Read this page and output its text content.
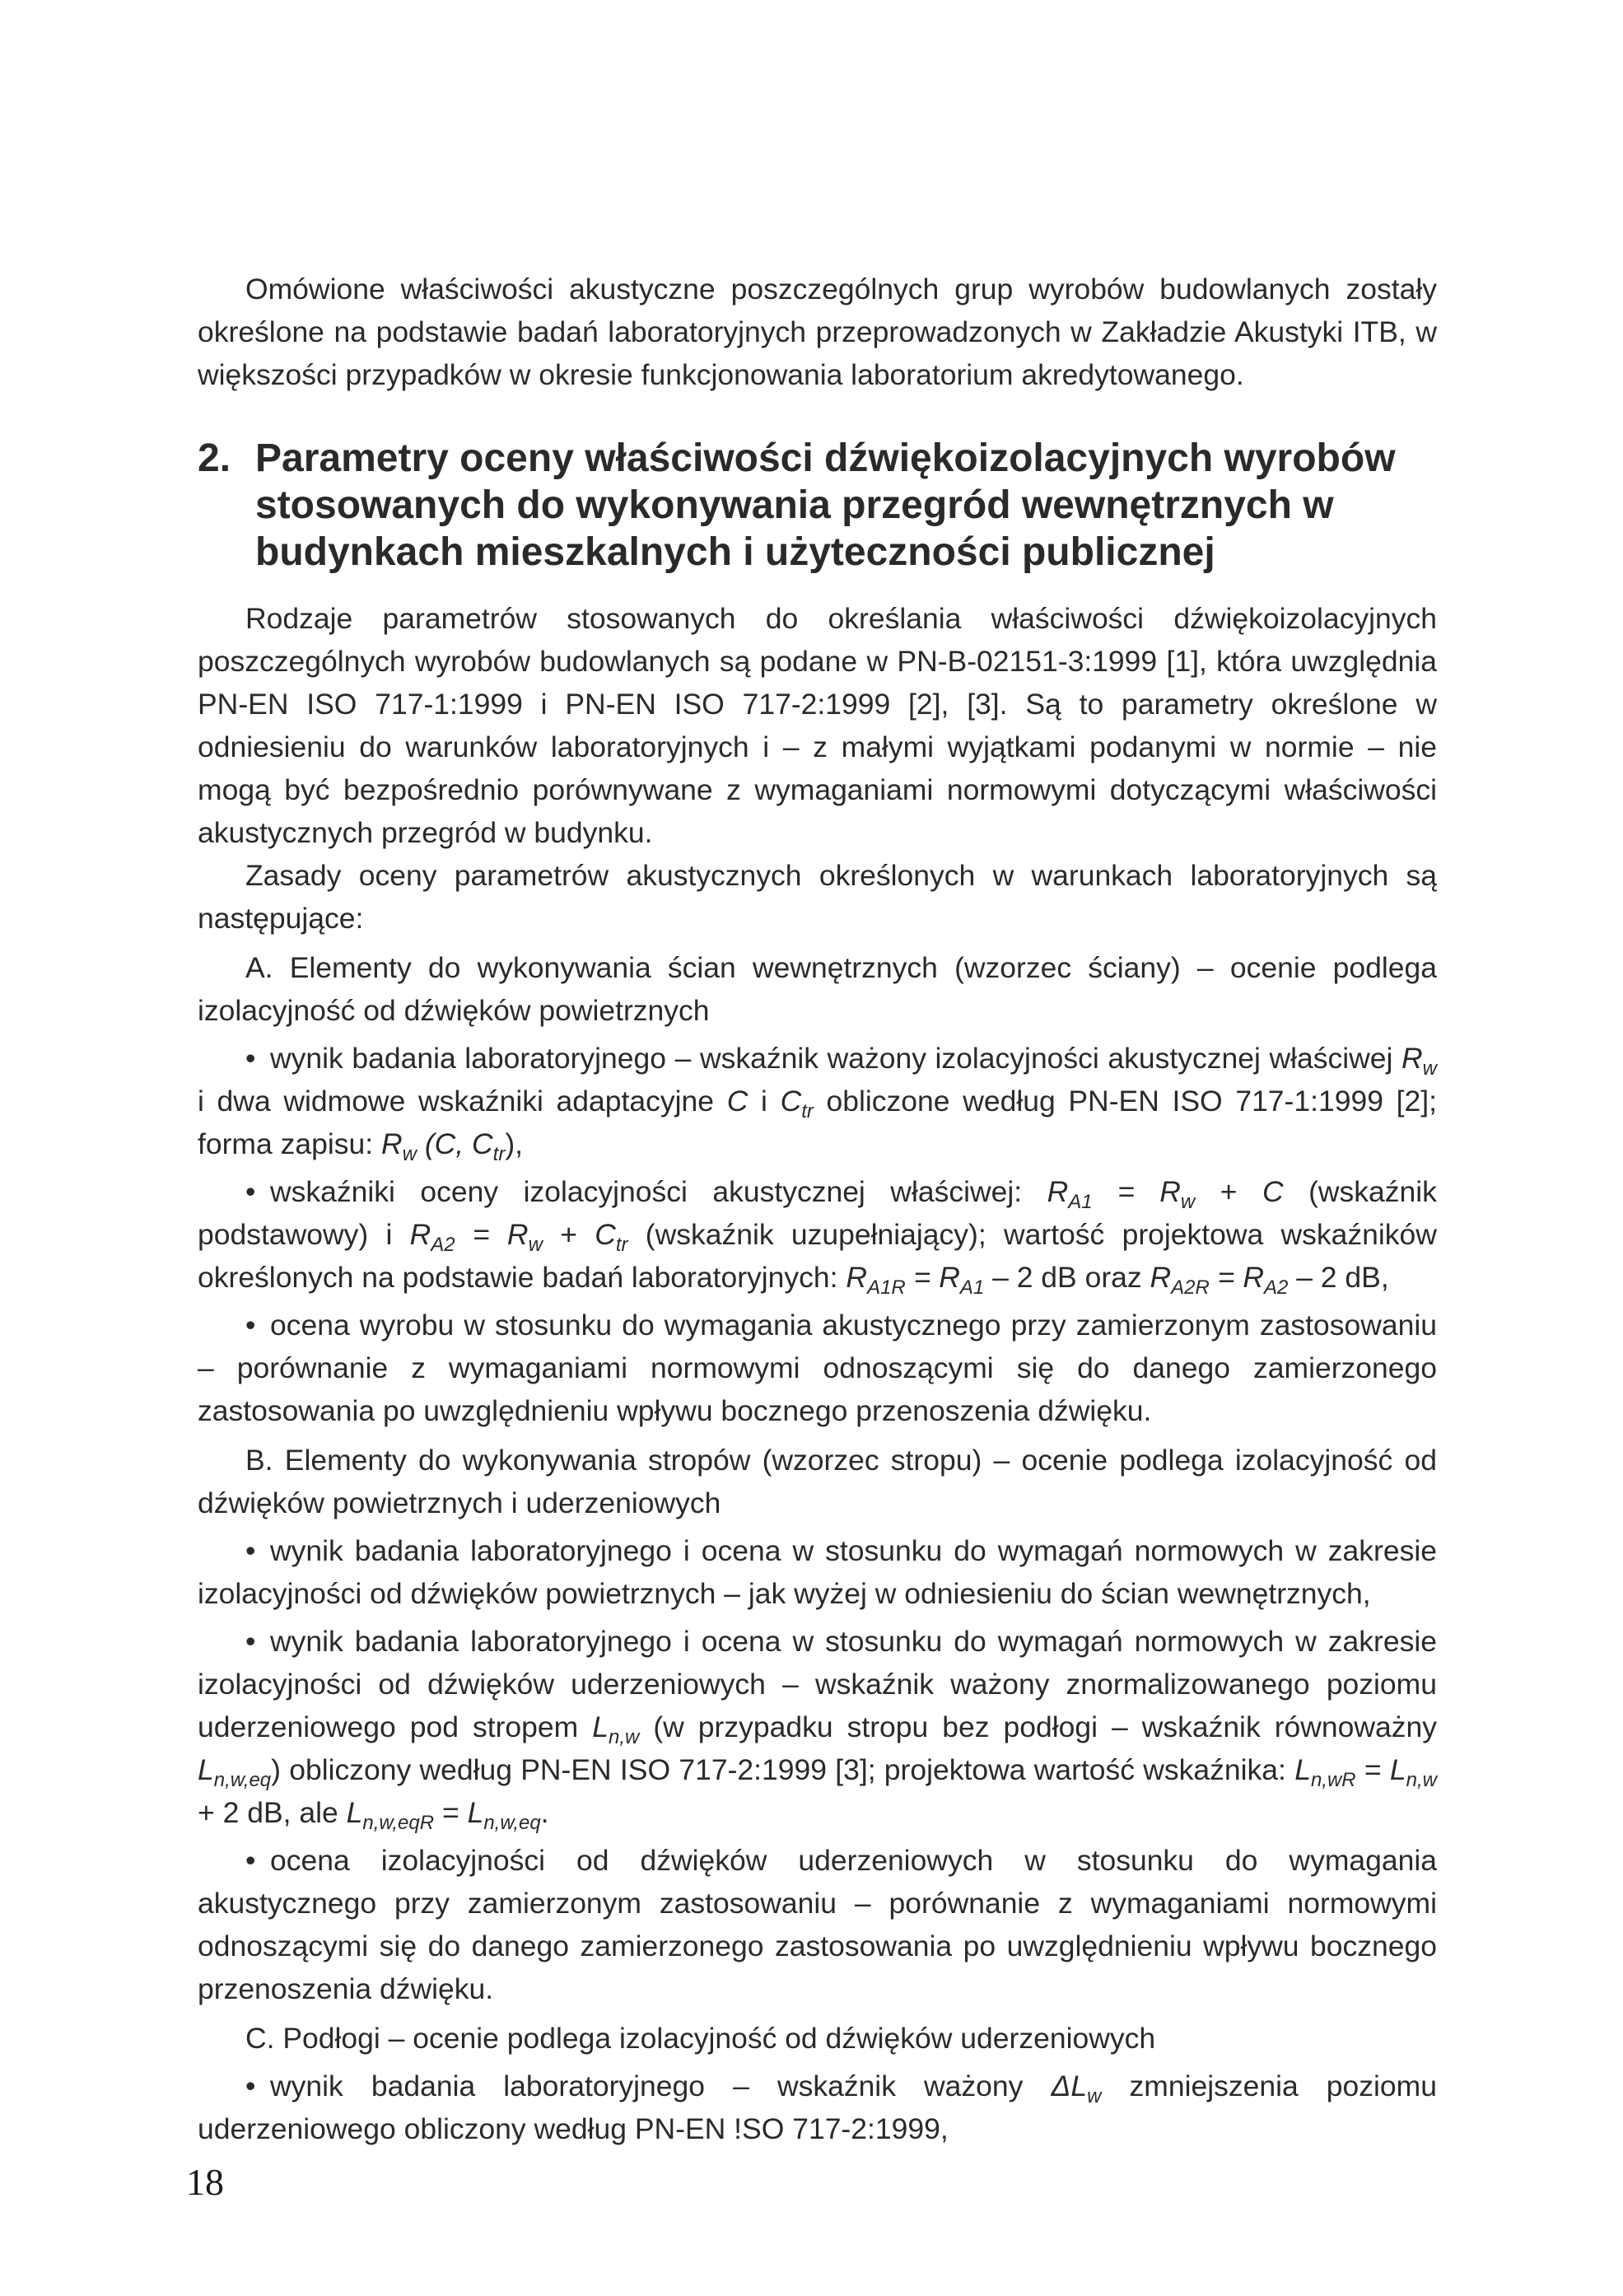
Omówione właściwości akustyczne poszczególnych grup wyrobów budowlanych zostały określone na podstawie badań laboratoryjnych przeprowadzonych w Zakładzie Akustyki ITB, w większości przypadków w okresie funkcjonowania laboratorium akredytowanego.

2. Parametry oceny właściwości dźwiękoizolacyjnych wyrobów stosowanych do wykonywania przegród wewnętrznych w budynkach mieszkalnych i użyteczności publicznej

Rodzaje parametrów stosowanych do określania właściwości dźwiękoizolacyjnych poszczególnych wyrobów budowlanych są podane w PN-B-02151-3:1999 [1], która uwzględnia PN-EN ISO 717-1:1999 i PN-EN ISO 717-2:1999 [2], [3]. Są to parametry określone w odniesieniu do warunków laboratoryjnych i – z małymi wyjątkami podanymi w normie – nie mogą być bezpośrednio porównywane z wymaganiami normowymi dotyczącymi właściwości akustycznych przegród w budynku.

Zasady oceny parametrów akustycznych określonych w warunkach laboratoryjnych są następujące:

A. Elementy do wykonywania ścian wewnętrznych (wzorzec ściany) – ocenie podlega izolacyjność od dźwięków powietrznych

• wynik badania laboratoryjnego – wskaźnik ważony izolacyjności akustycznej właściwej $R_w$ i dwa widmowe wskaźniki adaptacyjne C i $C_{tr}$ obliczone według PN-EN ISO 717-1:1999 [2]; forma zapisu: $R_w$ (C, $C_{tr}$),

• wskaźniki oceny izolacyjności akustycznej właściwej: $R_{A1} = R_w + C$ (wskaźnik podstawowy) i $R_{A2} = R_w + C_{tr}$ (wskaźnik uzupełniający); wartość projektowa wskaźników określonych na podstawie badań laboratoryjnych: $R_{A1R} = R_{A1} - 2$ dB oraz $R_{A2R} = R_{A2} - 2$ dB,

• ocena wyrobu w stosunku do wymagania akustycznego przy zamierzonym zastosowaniu – porównanie z wymaganiami normowymi odnoszącymi się do danego zamierzonego zastosowania po uwzględnieniu wpływu bocznego przenoszenia dźwięku.

B. Elementy do wykonywania stropów (wzorzec stropu) – ocenie podlega izolacyjność od dźwięków powietrznych i uderzeniowych

• wynik badania laboratoryjnego i ocena w stosunku do wymagań normowych w zakresie izolacyjności od dźwięków powietrznych – jak wyżej w odniesieniu do ścian wewnętrznych,

• wynik badania laboratoryjnego i ocena w stosunku do wymagań normowych w zakresie izolacyjności od dźwięków uderzeniowych – wskaźnik ważony znormalizowanego poziomu uderzeniowego pod stropem $L_{n,w}$ (w przypadku stropu bez podłogi – wskaźnik równoważny $L_{n,w,eq}$) obliczony według PN-EN ISO 717-2:1999 [3]; projektowa wartość wskaźnika: $L_{n,wR} = L_{n,w} + 2$ dB, ale $L_{n,w,eqR} = L_{n,w,eq}$.

• ocena izolacyjności od dźwięków uderzeniowych w stosunku do wymagania akustycznego przy zamierzonym zastosowaniu – porównanie z wymaganiami normowymi odnoszącymi się do danego zamierzonego zastosowania po uwzględnieniu wpływu bocznego przenoszenia dźwięku.

C. Podłogi – ocenie podlega izolacyjność od dźwięków uderzeniowych

• wynik badania laboratoryjnego – wskaźnik ważony $\Delta L_w$ zmniejszenia poziomu uderzeniowego obliczony według PN-EN !SO 717-2:1999,

18
